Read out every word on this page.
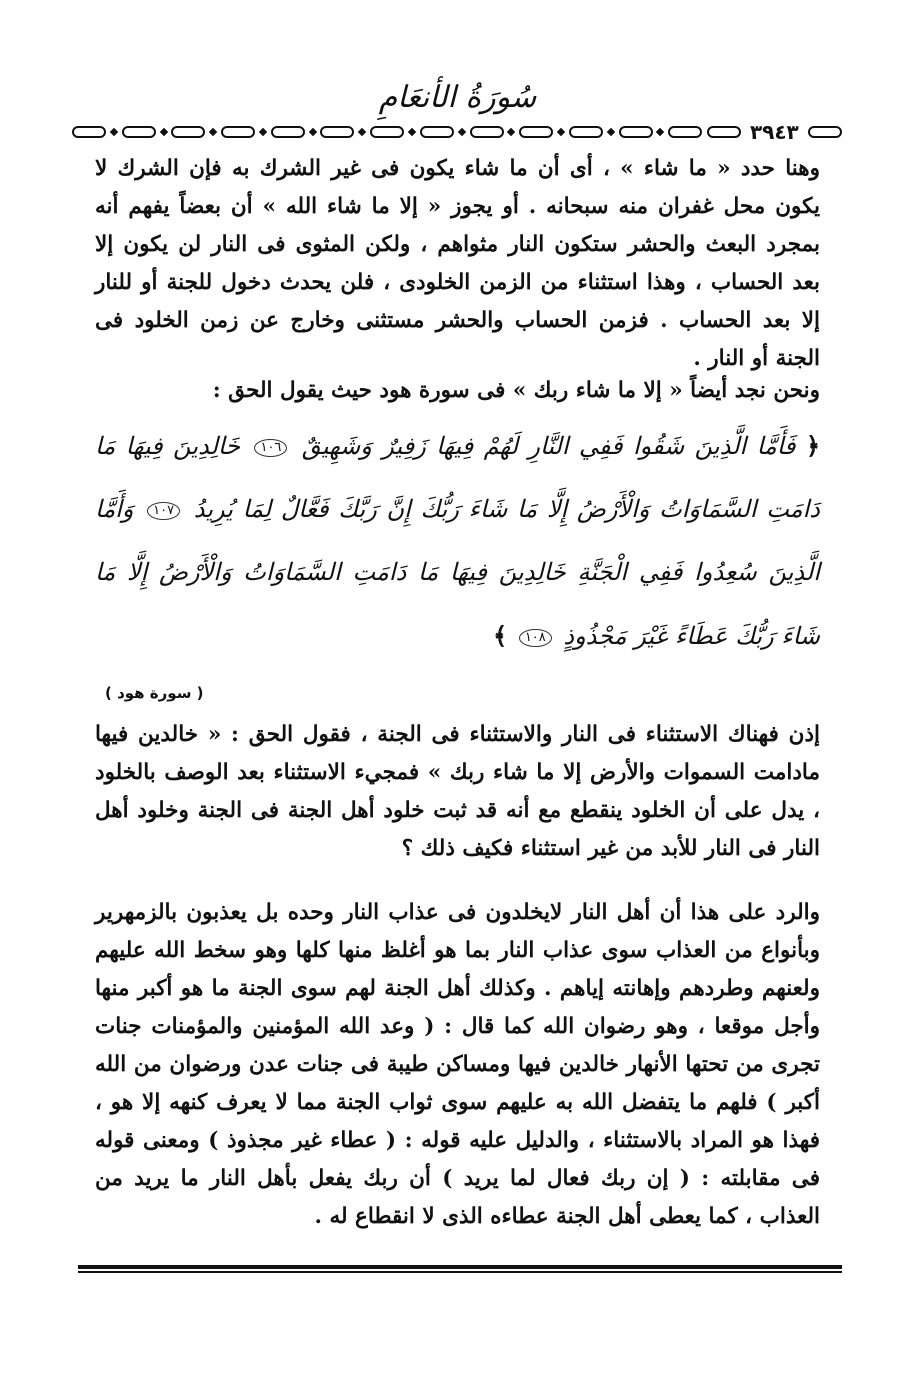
سُورَةُ الأنعَامِ
٣٩٤٣

وهنا حدد « ما شاء » ، أى أن ما شاء يكون فى غير الشرك به فإن الشرك لا يكون محل غفران منه سبحانه . أو يجوز « إلا ما شاء الله » أن بعضاً يفهم أنه بمجرد البعث والحشر ستكون النار مثواهم ، ولكن المثوى فى النار لن يكون إلا بعد الحساب ، وهذا استثناء من الزمن الخلودى ، فلن يحدث دخول للجنة أو للنار إلا بعد الحساب . فزمن الحساب والحشر مستثنى وخارج عن زمن الخلود فى الجنة أو النار .

ونحن نجد أيضاً « إلا ما شاء ربك » فى سورة هود حيث يقول الحق :

﴿ فَأَمَّا الَّذِينَ شَقُوا فَفِي النَّارِ لَهُمْ فِيهَا زَفِيرٌ وَشَهِيقٌ ١٠٦ خَالِدِينَ فِيهَا مَا دَامَتِ السَّمَاوَاتُ وَالْأَرْضُ إِلَّا مَا شَاءَ رَبُّكَ إِنَّ رَبَّكَ فَعَّالٌ لِمَا يُرِيدُ ١٠٧ وَأَمَّا الَّذِينَ سُعِدُوا فَفِي الْجَنَّةِ خَالِدِينَ فِيهَا مَا دَامَتِ السَّمَاوَاتُ وَالْأَرْضُ إِلَّا مَا شَاءَ رَبُّكَ عَطَاءً غَيْرَ مَجْذُوذٍ ١٠٨ ﴾

( سورة هود )

إذن فهناك الاستثناء فى النار والاستثناء فى الجنة ، فقول الحق : « خالدين فيها مادامت السموات والأرض إلا ما شاء ربك » فمجيء الاستثناء بعد الوصف بالخلود ، يدل على أن الخلود ينقطع مع أنه قد ثبت خلود أهل الجنة فى الجنة وخلود أهل النار فى النار للأبد من غير استثناء فكيف ذلك ؟

والرد على هذا أن أهل النار لايخلدون فى عذاب النار وحده بل يعذبون بالزمهرير وبأنواع من العذاب سوى عذاب النار بما هو أغلظ منها كلها وهو سخط الله عليهم ولعنهم وطردهم وإهانته إياهم . وكذلك أهل الجنة لهم سوى الجنة ما هو أكبر منها وأجل موقعا ، وهو رضوان الله كما قال : ( وعد الله المؤمنين والمؤمنات جنات تجرى من تحتها الأنهار خالدين فيها ومساكن طيبة فى جنات عدن ورضوان من الله أكبر ) فلهم ما يتفضل الله به عليهم سوى ثواب الجنة مما لا يعرف كنهه إلا هو ، فهذا هو المراد بالاستثناء ، والدليل عليه قوله : ( عطاء غير مجذوذ ) ومعنى قوله فى مقابلته : ( إن ربك فعال لما يريد ) أن ربك يفعل بأهل النار ما يريد من العذاب ، كما يعطى أهل الجنة عطاءه الذى لا انقطاع له .
